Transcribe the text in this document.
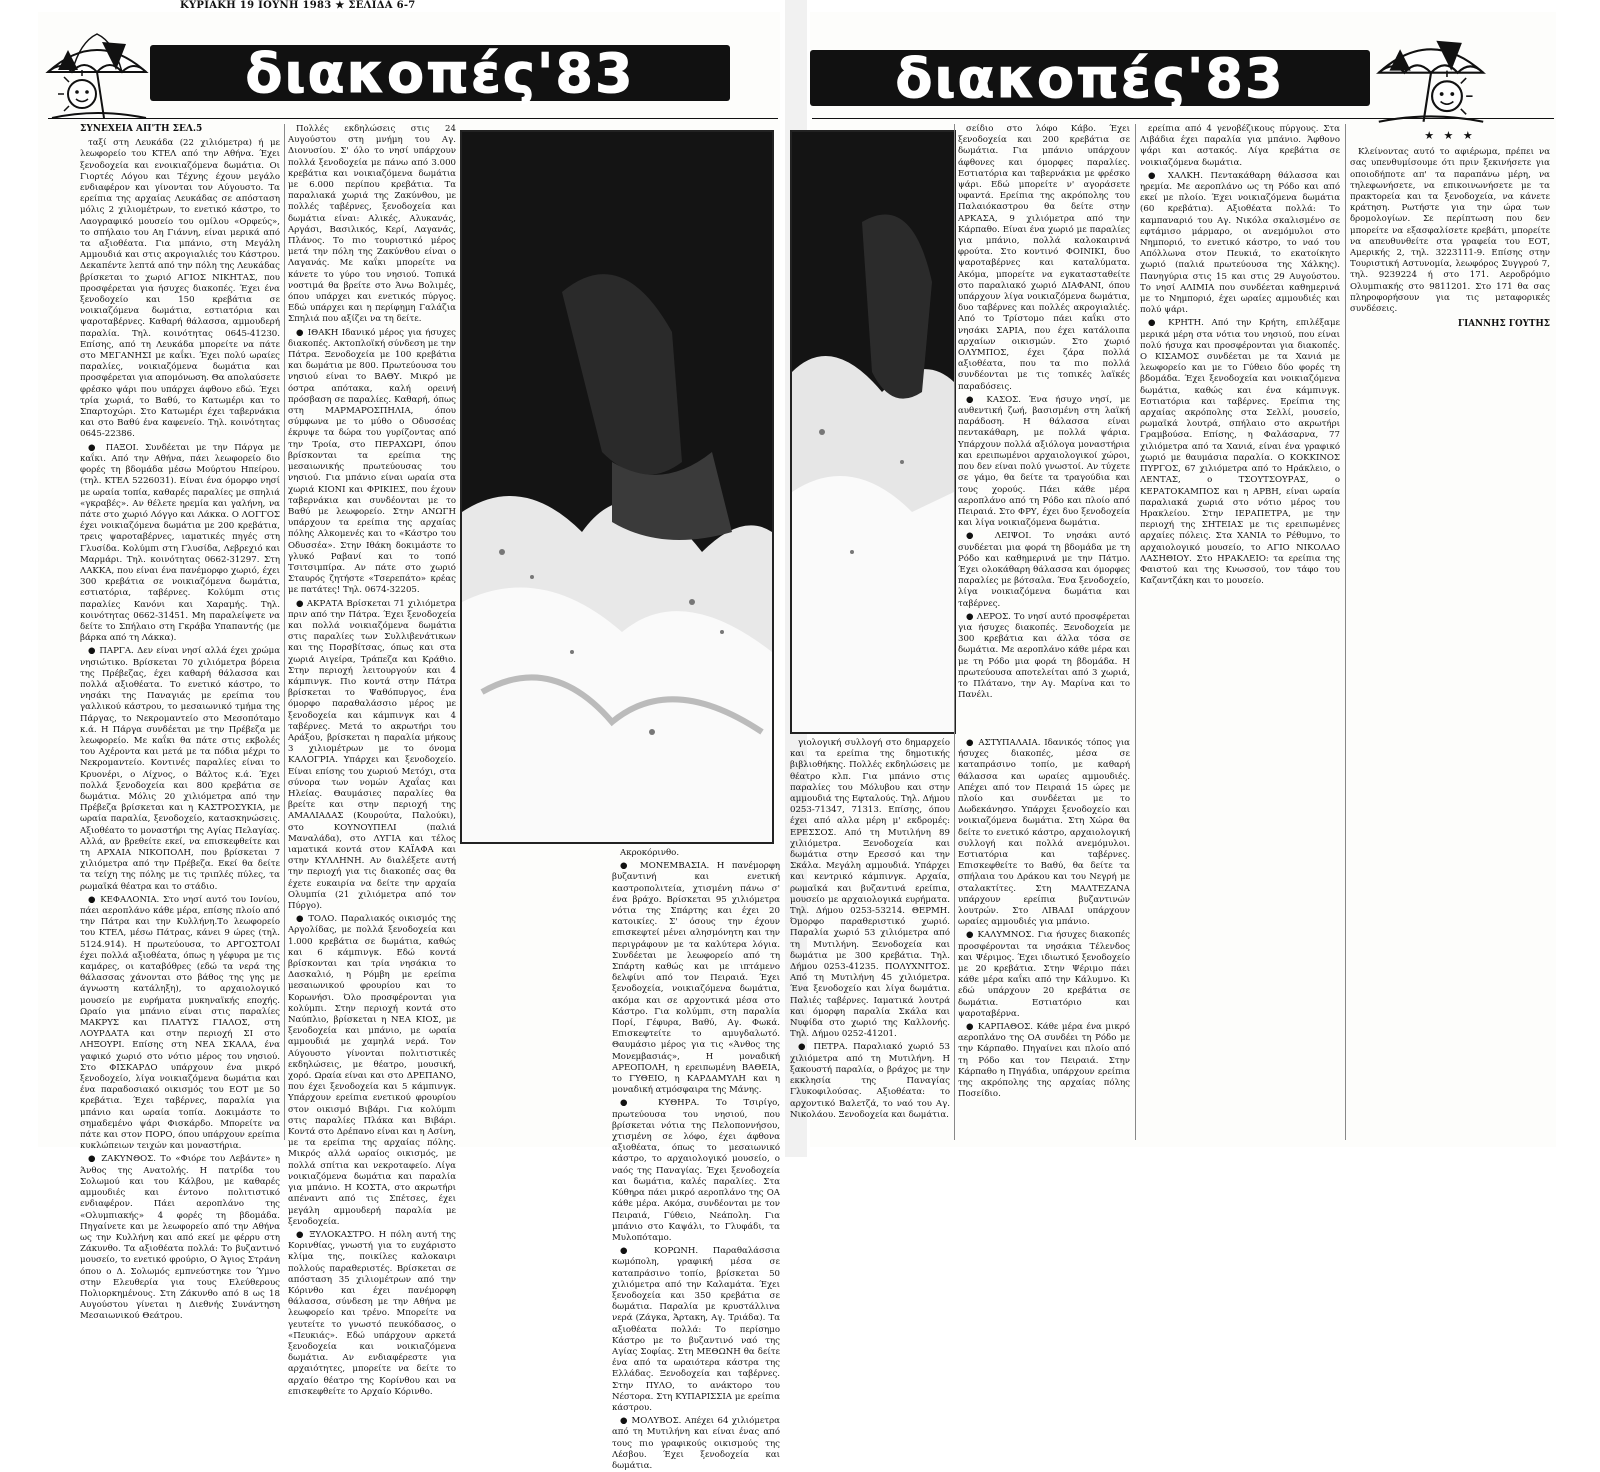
ΚΥΡΙΑΚΗ 19 ΙΟΥΝΗ 1983 ★ ΣΕΛΙΔΑ 6-7
διακοπές'83	διακοπές'83
ΣΥΝΕΧΕΙΑ ΑΠ'ΤΗ ΣΕΛ.5

ταξί στη Λευκάδα (22 χιλιόμετρα) ή με λεωφορείο του ΚΤΕΛ από την Αθήνα. Έχει ξενοδοχεία και ενοικιαζόμενα δωμάτια. Οι Γιορτές Λόγου και Τέχνης έχουν μεγάλο ενδιαφέρον και γίνονται τον Αύγουστο. Τα ερείπια της αρχαίας Λευκάδας σε απόσταση μόλις 2 χιλιομέτρων, το ενετικό κάστρο, το Λαογραφικό μουσείο του ομίλου «Ορφεύς», το σπήλαιο του Αη Γιάννη, είναι μερικά από τα αξιοθέατα. Για μπάνιο, στη Μεγάλη Αμμουδιά και στις ακρογιαλιές του Κάστρου. Δεκαπέντε λεπτά από την πόλη της Λευκάδας βρίσκεται το χωριό ΑΓΙΟΣ ΝΙΚΗΤΑΣ, που προσφέρεται για ήσυχες διακοπές. Έχει ένα ξενοδοχείο και 150 κρεβάτια σε νοικιαζόμενα δωμάτια, εστιατόρια και ψαροταβέρνες. Καθαρή θάλασσα, αμμουδερή παραλία. Τηλ. κοινότητας 0645-41230. Επίσης, από τη Λευκάδα μπορείτε να πάτε στο ΜΕΓΑΝΗΣΙ με καΐκι. Έχει πολύ ωραίες παραλίες, νοικιαζόμενα δωμάτια και προσφέρεται για απομόνωση. Θα απολαύσετε φρέσκο ψάρι που υπάρχει άφθονο εδώ. Έχει τρία χωριά, το Βαθύ, το Κατωμέρι και το Σπαρτοχώρι. Στο Κατωμέρι έχει ταβερνάκια και στο Βαθύ ένα καφενείο. Τηλ. κοινότητας 0645-22386.

● ΠΑΞΟΙ. Συνδέεται με την Πάργα με καΐκι. Από την Αθήνα, πάει λεωφορείο διο φορές τη βδομάδα μέσω Μούρτου Ηπείρου. (τηλ. ΚΤΕΛ 5226031). Είναι ένα όμορφο νησί με ωραία τοπία, καθαρές παραλίες με σπηλιά «γκραβές». Αν θέλετε ηρεμία και γαλήνη, να πάτε στο χωριό Λόγγο και Λάκκα. Ο ΛΟΓΓΟΣ έχει νοικιαζόμενα δωμάτια με 200 κρεβάτια, τρεις ψαροταβέρνες, ιαματικές πηγές στη Γλυσίδα. Κολύμπι στη Γλυσίδα, Λεβρεχιό και Μαρμάρι. Τηλ. κοινότητας 0662-31297. Στη ΛΑΚΚΑ, που είναι ένα πανέμορφο χωριό, έχει 300 κρεβάτια σε νοικιαζόμενα δωμάτια, εστιατόρια, ταβέρνες. Κολύμπι στις παραλίες Κανόνι και Χαραμής. Τηλ. κοινότητας 0662-31451. Μη παραλείψετε να δείτε το Σπήλαιο στη Γκράβα Υπαπαντής (με βάρκα από τη Λάκκα).

● ΠΑΡΓΑ. Δεν είναι νησί αλλά έχει χρώμα νησιώτικο. Βρίσκεται 70 χιλιόμετρα βόρεια της Πρέβεζας, έχει καθαρή θάλασσα και πολλά αξιοθέατα. Το ενετικό κάστρο, το νησάκι της Παναγιάς με ερείπια του γαλλικού κάστρου, το μεσαιωνικό τμήμα της Πάργας, το Νεκρομαντείο στο Μεσοπόταμο κ.ά. Η Πάργα συνδέεται με την Πρέβεζα με λεωφορείο. Με καΐκι θα πάτε στις εκβολές του Αχέροντα και μετά με τα πόδια μέχρι το Νεκρομαντείο. Κοντινές παραλίες είναι το Κρυονέρι, ο Λίχνος, ο Βάλτος κ.ά. Έχει πολλά ξενοδοχεία και 800 κρεβάτια σε δωμάτια. Μόλις 20 χιλιόμετρα από την Πρέβεζα βρίσκεται και η ΚΑΣΤΡΟΣΥΚΙΑ, με ωραία παραλία, ξενοδοχείο, κατασκηνώσεις. Αξιοθέατο το μοναστήρι της Αγίας Πελαγίας. Αλλά, αν βρεθείτε εκεί, να επισκεφθείτε και τη ΑΡΧΑΙΑ ΝΙΚΟΠΟΛΗ, που βρίσκεται 7 χιλιόμετρα από την Πρέβεζα. Εκεί θα δείτε τα τείχη της πόλης με τις τριπλές πύλες, τα ρωμαϊκά θέατρα και το στάδιο.

● ΚΕΦΑΛΟΝΙΑ. Στο νησί αυτό του Ιονίου, πάει αεροπλάνο κάθε μέρα, επίσης πλοίο από την Πάτρα και την Κυλλήνη.Το λεωφορείο του ΚΤΕΛ, μέσω Πάτρας, κάνει 9 ώρες (τηλ. 5124.914). Η πρωτεύουσα, το ΑΡΓΟΣΤΟΛΙ έχει πολλά αξιοθέατα, όπως η γέφυρα με τις καμάρες, οι καταβόθρες (εδώ τα νερά της θάλασσας χάνονται στο βάθος της γης με άγνωστη κατάληξη), το αρχαιολογικό μουσείο με ευρήματα μυκηναϊκής εποχής. Ωραίο για μπάνιο είναι στις παραλίες ΜΑΚΡΥΣ και ΠΛΑΤΥΣ ΓΙΑΛΟΣ, στη ΛΟΥΡΔΑΤΑ και στην περιοχή ΣΙ στο ΛΗΞΟΥΡΙ. Επίσης στη ΝΕΑ ΣΚΑΛΑ, ένα γαφικό χωριό στο νότιο μέρος του νησιού. Στο ΦΙΣΚΑΡΔΟ υπάρχουν ένα μικρό ξενοδοχείο, λίγα νοικιαζόμενα δωμάτια και ένα παραδοσιακό οικισμός του ΕΟΤ με 50 κρεβάτια. Έχει ταβέρνες, παραλία για μπάνιο και ωραία τοπία. Δοκιμάστε το σημαδεμένο ψάρι Φισκάρδο. Μπορείτε να πάτε και στον ΠΟΡΟ, όπου υπάρχουν ερείπια κυκλώπειων τειχών και μοναστήρια.

● ΖΑΚΥΝΘΟΣ. Το «Φιόρε του Λεβάντε» η Άνθος της Ανατολής. Η πατρίδα του Σολωμού και του Κάλβου, με καθαρές αμμουδιές και έντονο πολιτιστικό ενδιαφέρον. Πάει αεροπλάνο της «Ολυμπιακής» 4 φορές τη βδομάδα. Πηγαίνετε και με λεωφορείο από την Αθήνα ως την Κυλλήνη και από εκεί με φέρρυ στη Ζάκυνθο. Τα αξιοθέατα πολλά: Το βυζαντινό μουσείο, το ενετικό φρούριο, Ο Άγιος Στράνη όπου ο Δ. Σολωμός εμπνεύστηκε τον Ύμνο στην Ελευθερία για τους Ελεύθερους Πολιορκημένους. Στη Ζάκυνθο από 8 ως 18 Αυγούστου γίνεται η Διεθνής Συνάντηση Μεσαιωνικού Θεάτρου.

Πολλές εκδηλώσεις στις 24 Αυγούστου στη μνήμη του Αγ. Διονυσίου. Σ' όλο το νησί υπάρχουν πολλά ξενοδοχεία με πάνω από 3.000 κρεβάτια και νοικιαζόμενα δωμάτια με 6.000 περίπου κρεβάτια. Τα παραλιακά χωριά της Ζακύνθου, με πολλές ταβέρνες, ξενοδοχεία και δωμάτια είναι: Αλικές, Αλυκανάς, Αργάσι, Βασιλικός, Κερί, Λαγανάς, Πλάνος. Το πιο τουριστικό μέρος μετά την πόλη της Ζακύνθου είναι ο Λαγανάς. Με καΐκι μπορείτε να κάνετε το γύρο του νησιού. Τοπικά νοστιμά θα βρείτε στο Άνω Βολιμές, όπου υπάρχει και ενετικός πύργος. Εδώ υπάρχει και η περίφημη Γαλάζια Σπηλιά που αξίζει να τη δείτε.

● ΙΘΑΚΗ Ιδανικό μέρος για ήσυχες διακοπές. Ακτοπλοϊκή σύνδεση με την Πάτρα. Ξενοδοχεία με 100 κρεβάτια και δωμάτια με 800. Πρωτεύουσα του νησιού είναι το ΒΑΘΥ. Μικρό με όστρα απότακα, καλή ορεινή πρόσβαση σε παραλίες. Καθαρή, όπως στη ΜΑΡΜΑΡΟΣΠΗΛΙΑ, όπου σύμφωνα με το μύθο ο Οδυσσέας έκρυψε τα δώρα του γυρίζοντας από την Τροία, στο ΠΕΡΑΧΩΡΙ, όπου βρίσκονται τα ερείπια της μεσαιωνικής πρωτεύουσας του νησιού. Για μπάνιο είναι ωραία στα χωριά ΚΙΟΝΙ και ΦΡΙΚΙΕΣ, που έχουν ταβερνάκια και συνδέονται με το Βαθύ με λεωφορείο. Στην ΑΝΩΓΗ υπάρχουν τα ερείπια της αρχαίας πόλης Αλκομενές και το «Κάστρο του Οδυσσέα». Στην Ιθάκη δοκιμάστε το γλυκό Ραβανί και το τοπό Τσιτσιμπίρα. Αν πάτε στο χωριό Σταυρός ζητήστε «Τσερεπάτο» κρέας με πατάτες! Τηλ. 0674-32205.

● ΑΚΡΑΤΑ Βρίσκεται 71 χιλιόμετρα πριν από την Πάτρα. Έχει ξενοδοχεία και πολλά νοικιαζόμενα δωμάτια στις παραλίες των Συλλιβενάτικων και της Πορσβίτσας, όπως και στα χωριά Αιγείρα, Τράπεζα και Κράθιο. Στην περιοχή λειτουργούν και 4 κάμπινγκ. Πιο κοντά στην Πάτρα βρίσκεται το Ψαθόπυργος, ένα όμορφο παραθαλάσσιο μέρος με ξενοδοχεία και κάμπινγκ και 4 ταβέρνες. Μετά το ακρωτήρι του Αράξου, βρίσκεται η παραλία μήκους 3 χιλιομέτρων με το όνομα ΚΑΛΟΓΡΙΑ. Υπάρχει και ξενοδοχείο. Είναι επίσης του χωριού Μετόχι, στα σύνορα των νομών Αχαΐας και Ηλείας. Θαυμάσιες παραλίες θα βρείτε και στην περιοχή της ΑΜΑΛΙΑΔΑΣ (Κουρούτα, Παλούκι), στο ΚΟΥΝΟΥΠΕΛΙ (παλιά Μαναλάδα), στο ΛΥΓΙΑ και τέλος ιαματικά κοντά στον ΚΑΪΑΦΑ και στην ΚΥΛΛΗΝΗ. Αν διαλέξετε αυτή την περιοχή για τις διακοπές σας θα έχετε ευκαιρία να δείτε την αρχαία Ολυμπία (21 χιλιόμετρα από τον Πύργο).

● ΤΟΛΟ. Παραλιακός οικισμός της Αργολίδας, με πολλά ξενοδοχεία και 1.000 κρεβάτια σε δωμάτια, καθώς και 6 κάμπινγκ. Εδώ κοντά βρίσκονται και τρία νησάκια το Δασκαλιό, η Ρόμβη με ερείπια μεσαιωνικού φρουρίου και το Κορωνήσι. Όλο προσφέρονται για κολύμπι. Στην περιοχή κοντά στο Ναύπλιο, βρίσκεται η ΝΕΑ ΚΙΟΣ, με ξενοδοχεία και μπάνιο, με ωραία αμμουδιά με χαμηλά νερά. Τον Αύγουστο γίνονται πολιτιστικές εκδηλώσεις, με θέατρο, μουσική, χορό. Ωραία είναι και στο ΔΡΕΠΑΝΟ, που έχει ξενοδοχεία και 5 κάμπινγκ. Υπάρχουν ερείπια ενετικού φρουρίου στον οικισμό Βιβάρι. Για κολύμπι στις παραλίες Πλάκα και Βιβάρι. Κοντά στο Δρέπανο είναι και η Ασίνη, με τα ερείπια της αρχαίας πόλης. Μικρός αλλά ωραίος οικισμός, με πολλά σπίτια και νεκροταφείο. Λίγα νοικιαζόμενα δωμάτια και παραλία για μπάνιο. Η ΚΟΣΤΑ, στο ακρωτήρι απέναντι από τις Σπέτσες, έχει μεγάλη αμμουδερή παραλία με ξενοδοχεία.

● ΞΥΛΟΚΑΣΤΡΟ. Η πόλη αυτή της Κορινθίας, γνωστή για το ευχάριστο κλίμα της, ποικίλες καλοκαιρι πολλούς παραθεριστές. Βρίσκεται σε απόσταση 35 χιλιομέτρων από την Κόρινθο και έχει πανέμορφη θάλασσα, σύνδεση με την Αθήνα με λεωφορείο και τρένο. Μπορείτε να γευτείτε το γνωστό πευκόδασος, ο «Πευκιάς». Εδώ υπάρχουν αρκετά ξενοδοχεία και νοικιαζόμενα δωμάτια. Αν ενδιαφέρεστε για αρχαιότητες, μπορείτε να δείτε το αρχαίο θέατρο της Κορίνθου και να επισκεφθείτε το Αρχαίο Κόρινθο.

Ακροκόρινθο.

● ΜΟΝΕΜΒΑΣΙΑ. Η πανέμορφη βυζαντινή και ενετική καστροπολιτεία, χτισμένη πάνω σ' ένα βράχο. Βρίσκεται 95 χιλιόμετρα νότια της Σπάρτης και έχει 20 κατοικίες. Σ' όσους την έχουν επισκεφτεί μένει αλησμόνητη και την περιγράφουν με τα καλύτερα λόγια. Συνδέεται με λεωφορείο από τη Σπάρτη καθώς και με ιπτάμενο δελφίνι από τον Πειραιά. Έχει ξενοδοχεία, νοικιαζόμενα δωμάτια, ακόμα και σε αρχοντικά μέσα στο Κάστρο. Για κολύμπι, στη παραλία Πορί, Γέφυρα, Βαθύ, Αγ. Φωκά. Επισκεφτείτε το αμυγδαλωτό. Θαυμάσιο μέρος για τις «Άνθος της Μονεμβασιάς», Η μοναδική ΑΡΕΟΠΟΛΗ, η ερειπωμένη ΒΑΘΕΙΑ, το ΓΥΘΕΙΟ, η ΚΑΡΔΑΜΥΛΗ και η μοναδική ατμόσφαιρα της Μάνης.

● ΚΥΘΗΡΑ. Το Τσιρίγο, πρωτεύουσα του νησιού, που βρίσκεται νότια της Πελοποννήσου, χτισμένη σε λόφο, έχει άφθονα αξιοθέατα, όπως το μεσαιωνικό κάστρο, το αρχαιολογικό μουσείο, ο ναός της Παναγίας. Έχει ξενοδοχεία και δωμάτια, καλές παραλίες. Στα Κύθηρα πάει μικρό αεροπλάνο της ΟΑ κάθε μέρα. Ακόμα, συνδέονται με τον Πειραιά, Γύθειο, Νεάπολη. Για μπάνιο στο Καψάλι, το Γλυφάδι, τα Μυλοπόταμο.

● ΚΟΡΩΝΗ. Παραθαλάσσια κωμόπολη, γραφική μέσα σε καταπράσινο τοπίο, βρίσκεται 50 χιλιόμετρα από την Καλαμάτα. Έχει ξενοδοχεία και 350 κρεβάτια σε δωμάτια. Παραλία με κρυστάλλινα νερά (Ζάγκα, Άρτακη, Αγ. Τριάδα). Τα αξιοθέατα πολλά: Το περίσημο Κάστρο με το βυζαντινό ναό της Αγίας Σοφίας. Στη ΜΕΘΩΝΗ θα δείτε ένα από τα ωραιότερα κάστρα της Ελλάδας. Ξενοδοχεία και ταβέρνες. Στην ΠΥΛΟ, το ανάκτορο του Νέστορα. Στη ΚΥΠΑΡΙΣΣΙΑ με ερείπια κάστρου.

● ΜΟΛΥΒΟΣ. Απέχει 64 χιλιόμετρα από τη Μυτιλήνη και είναι ένας από τους πιο γραφικούς οικισμούς της Λέσβου. Έχει ξενοδοχεία και δωμάτια.

γιολογική συλλογή στο δημαρχείο και τα ερείπια της δημοτικής βιβλιοθήκης. Πολλές εκδηλώσεις με θέατρο κλπ. Για μπάνιο στις παραλίες του Μόλυβου και στην αμμουδιά της Εφταλούς. Τηλ. Δήμου 0253-71347, 71313. Επίσης, όπου έχει από αλλα μέρη μ' εκδρομές: ΕΡΕΣΣΟΣ. Από τη Μυτιλήνη 89 χιλιόμετρα. Ξενοδοχεία και δωμάτια στην Ερεσσό και την Σκάλα. Μεγάλη αμμουδιά. Υπάρχει και κεντρικό κάμπινγκ. Αρχαία, ρωμαϊκά και βυζαντινά ερείπια, μουσείο με αρχαιολογικά ευρήματα. Τηλ. Δήμου 0253-53214. ΘΕΡΜΗ. Όμορφο παραθεριστικό χωριό. Παραλία χωριό 53 χιλιόμετρα από τη Μυτιλήνη. Ξενοδοχεία και δωμάτια με 300 κρεβάτια. Τηλ. Δήμου 0253-41235. ΠΟΛΥΧΝΙΤΟΣ. Από τη Μυτιλήνη 45 χιλιόμετρα. Ένα ξενοδοχείο και λίγα δωμάτια. Παλιές ταβέρνες. Ιαματικά λουτρά και όμορφη παραλία Σκάλα και Νυφίδα στο χωριό της Καλλονής. Τηλ. Δήμου 0252-41201.

● ΠΕΤΡΑ. Παραλιακό χωριό 53 χιλιόμετρα από τη Μυτιλήνη. Η ξακουστή παραλία, ο βράχος με την εκκλησία της Παναγίας Γλυκοφιλούσας. Αξιοθέατα: το αρχοντικό Βαλετζά, το ναό του Αγ. Νικολάου. Ξενοδοχεία και δωμάτια.

● ΑΣΤΥΠΑΛΑΙΑ. Ιδανικός τόπος για ήσυχες διακοπές, μέσα σε καταπράσινο τοπίο, με καθαρή θάλασσα και ωραίες αμμουδιές. Απέχει από τον Πειραιά 15 ώρες με πλοίο και συνδέεται με το Δωδεκάνησο. Υπάρχει ξενοδοχείο και νοικιαζόμενα δωμάτια. Στη Χώρα θα δείτε το ενετικό κάστρο, αρχαιολογική συλλογή και πολλά ανεμόμυλοι. Εστιατόρια και ταβέρνες. Επισκεφθείτε το Βαθύ, θα δείτε τα σπήλαια του Δράκου και του Νεγρή με σταλακτίτες. Στη ΜΑΛΤΕΖΑΝΑ υπάρχουν ερείπια βυζαντινών λουτρών. Στο ΛΙΒΑΔΙ υπάρχουν ωραίες αμμουδιές για μπάνιο.

● ΚΑΛΥΜΝΟΣ. Για ήσυχες διακοπές προσφέρονται τα νησάκια Τέλενδος και Ψέριμος. Έχει ιδιωτικό ξενοδοχείο με 20 κρεβάτια. Στην Ψέριμο πάει κάθε μέρα καΐκι από την Κάλυμνο. Κι εδώ υπάρχουν 20 κρεβάτια σε δωμάτια. Εστιατόριο και ψαροταβέρνα.

● ΚΑΡΠΑΘΟΣ. Κάθε μέρα ένα μικρό αεροπλάνο της ΟΑ συνδέει τη Ρόδο με την Κάρπαθο. Πηγαίνει και πλοίο από τη Ρόδο και τον Πειραιά. Στην Κάρπαθο η Πηγάδια, υπάρχουν ερείπια της ακρόπολης της αρχαίας πόλης Ποσείδιο.

σείδιο στο λόφο Κάβο. Έχει ξενοδοχεία και 200 κρεβάτια σε δωμάτια. Για μπάνιο υπάρχουν άφθονες και όμορφες παραλίες. Εστιατόρια και ταβερνάκια με φρέσκο ψάρι. Εδώ μπορείτε ν' αγοράσετε υφαντά. Ερείπια της ακρόπολης του Παλαιόκαστρου θα δείτε στην ΑΡΚΑΣΑ, 9 χιλιόμετρα από την Κάρπαθο. Είναι ένα χωριό με παραλίες για μπάνιο, πολλά καλοκαιρινά φρούτα. Στο κοντινό ΦΟΙΝΙΚΙ, δυο ψαροταβέρνες και καταλύματα. Ακόμα, μπορείτε να εγκατασταθείτε στο παραλιακό χωριό ΔΙΑΦΑΝΙ, όπου υπάρχουν λίγα νοικιαζόμενα δωμάτια, δυο ταβέρνες και πολλές ακρογιαλιές. Από το Τρίστομο πάει καΐκι στο νησάκι ΣΑΡΙΑ, που έχει κατάλοιπα αρχαίων οικισμών. Στο χωριό ΟΛΥΜΠΟΣ, έχει ζάρα πολλά αξιοθέατα, που τα πιο πολλά συνδέονται με τις τοπικές λαϊκές παραδόσεις.

● ΚΑΣΟΣ. Ένα ήσυχο νησί, με αυθεντική ζωή, βασισμένη στη λαϊκή παράδοση. Η θάλασσα είναι πεντακάθαρη, με πολλά ψάρια. Υπάρχουν πολλά αξιόλογα μοναστήρια και ερειπωμένοι αρχαιολογικοί χώροι, που δεν είναι πολύ γνωστοί. Αν τύχετε σε γάμο, θα δείτε τα τραγούδια και τους χορούς. Πάει κάθε μέρα αεροπλάνο από τη Ρόδο και πλοίο από Πειραιά. Στο ΦΡΥ, έχει δυο ξενοδοχεία και λίγα νοικιαζόμενα δωμάτια.

● ΛΕΙΨΟΙ. Το νησάκι αυτό συνδέεται μια φορά τη βδομάδα με τη Ρόδο και καθημερινά με την Πάτμο. Έχει ολοκάθαρη θάλασσα και όμορφες παραλίες με βότσαλα. Ένα ξενοδοχείο, λίγα νοικιαζόμενα δωμάτια και ταβέρνες.

● ΛΕΡΟΣ. Το νησί αυτό προσφέρεται για ήσυχες διακοπές. Ξενοδοχεία με 300 κρεβάτια και άλλα τόσα σε δωμάτια. Με αεροπλάνο κάθε μέρα και με τη Ρόδο μια φορά τη βδομάδα. Η πρωτεύουσα αποτελείται από 3 χωριά, το Πλάτανο, την Αγ. Μαρίνα και το Πανέλι.

ερείπια από 4 γενοβέζικους πύργους. Στα Λιβάδια έχει παραλία για μπάνιο. Άφθονο ψάρι και αστακός. Λίγα κρεβάτια σε νοικιαζόμενα δωμάτια.

● ΧΑΛΚΗ. Πεντακάθαρη θάλασσα και ηρεμία. Με αεροπλάνο ως τη Ρόδο και από εκεί με πλοίο. Έχει νοικιαζόμενα δωμάτια (60 κρεβάτια). Αξιοθέατα πολλά: Το καμπαναριό του Αγ. Νικόλα σκαλισμένο σε εφτάμισο μάρμαρο, οι ανεμόμυλοι στο Νημποριό, το ενετικό κάστρο, το ναό του Απόλλωνα στον Πευκιά, το εκατοίκητο χωριό (παλιά πρωτεύουσα της Χάλκης). Πανηγύρια στις 15 και στις 29 Αυγούστου. Το νησί ΑΛΙΜΙΑ που συνδέεται καθημερινά με το Νημποριό, έχει ωραίες αμμουδιές και πολύ ψάρι.

● ΚΡΗΤΗ. Από την Κρήτη, επιλέξαμε μερικά μέρη στα νότια του νησιού, που είναι πολύ ήσυχα και προσφέρονται για διακοπές. Ο ΚΙΣΑΜΟΣ συνδέεται με τα Χανιά με λεωφορείο και με το Γύθειο δύο φορές τη βδομάδα. Έχει ξενοδοχεία και νοικιαζόμενα δωμάτια, καθώς και ένα κάμπινγκ. Εστιατόρια και ταβέρνες. Ερείπια της αρχαίας ακρόπολης στα Σελλί, μουσείο, ρωμαϊκά λουτρά, σπήλαιο στο ακρωτήρι Γραμβούσα. Επίσης, η Φαλάσαρνα, 77 χιλιόμετρα από τα Χανιά, είναι ένα γραφικό χωριό με θαυμάσια παραλία. Ο ΚΟΚΚΙΝΟΣ ΠΥΡΓΟΣ, 67 χιλιόμετρα από το Ηράκλειο, ο ΛΕΝΤΑΣ, ο ΤΣΟΥΤΣΟΥΡΑΣ, ο ΚΕΡΑΤΟΚΑΜΠΟΣ και η ΑΡΒΗ, είναι ωραία παραλιακά χωριά στο νότιο μέρος του Ηρακλείου. Στην ΙΕΡΑΠΕΤΡΑ, με την περιοχή της ΣΗΤΕΙΑΣ με τις ερειπωμένες αρχαίες πόλεις. Στα ΧΑΝΙΑ το Ρέθυμνο, το αρχαιολογικό μουσείο, το ΑΓΙΟ ΝΙΚΟΛΑΟ ΛΑΣΗΘΙΟΥ. Στο ΗΡΑΚΛΕΙΟ: τα ερείπια της Φαιστού και της Κνωσσού, τον τάφο του Καζαντζάκη και το μουσείο.

★ ★ ★

Κλείνοντας αυτό το αφιέρωμα, πρέπει να σας υπενθυμίσουμε ότι πριν ξεκινήσετε για οποιοδήποτε απ' τα παραπάνω μέρη, να τηλεφωνήσετε, να επικοινωνήσετε με τα πρακτορεία και τα ξενοδοχεία, να κάνετε κράτηση. Ρωτήστε για την ώρα των δρομολογίων. Σε περίπτωση που δεν μπορείτε να εξασφαλίσετε κρεβάτι, μπορείτε να απευθυνθείτε στα γραφεία του ΕΟΤ, Αμερικής 2, τηλ. 3223111-9. Επίσης στην Τουριστική Αστυνομία, λεωφόρος Συγγρού 7, τηλ. 9239224 ή στο 171. Αεροδρόμιο Ολυμπιακής στο 9811201. Στο 171 θα σας πληροφορήσουν για τις μεταφορικές συνδέσεις.

ΓΙΑΝΝΗΣ ΓΟΥΤΗΣ
